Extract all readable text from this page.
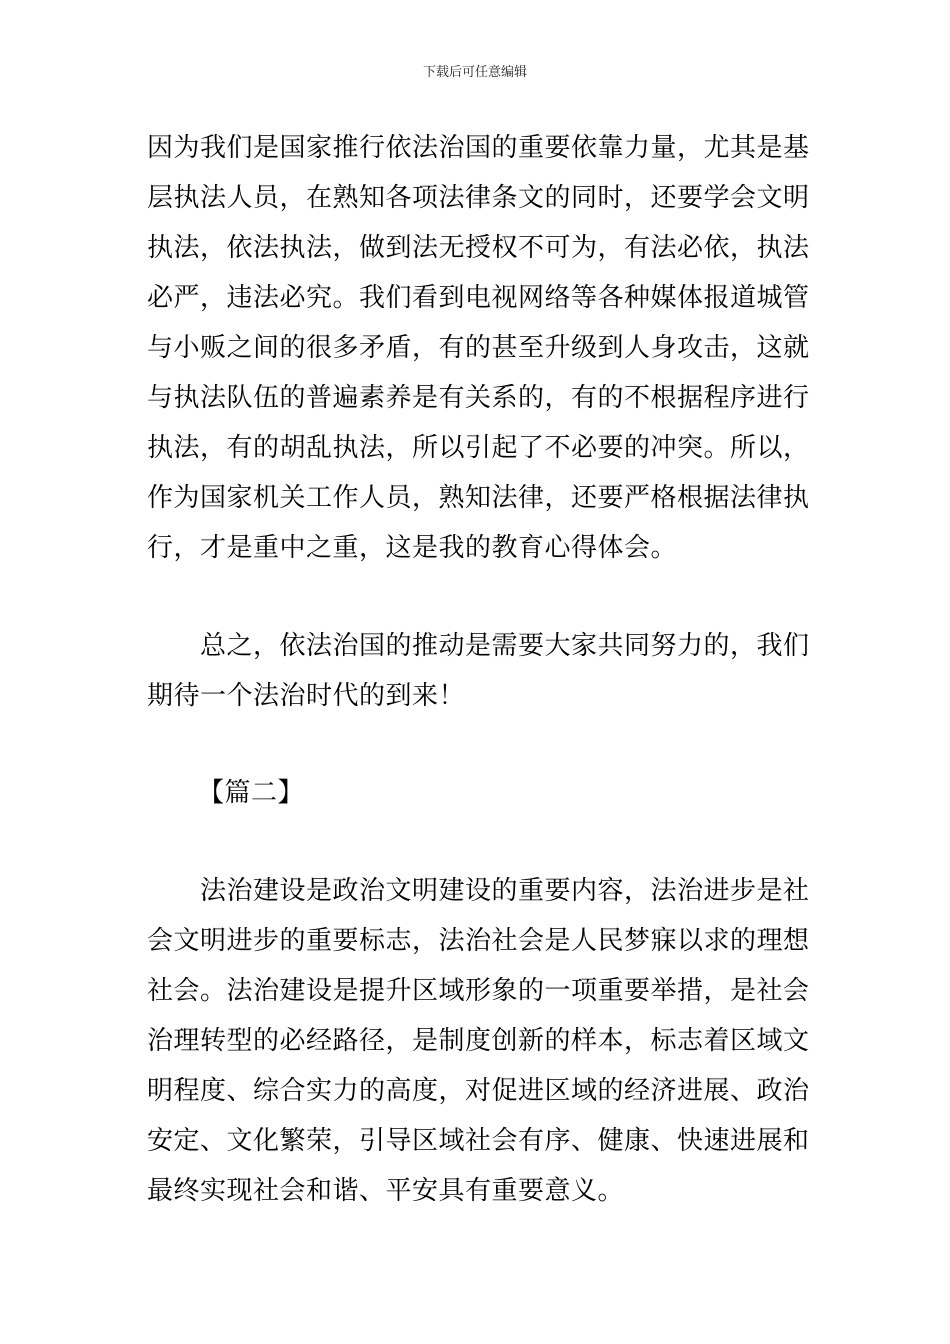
下载后可任意编辑
因为我们是国家推行依法治国的重要依靠力量，尤其是基
层执法人员，在熟知各项法律条文的同时，还要学会文明
执法，依法执法，做到法无授权不可为，有法必依，执法
必严，违法必究。我们看到电视网络等各种媒体报道城管
与小贩之间的很多矛盾，有的甚至升级到人身攻击，这就
与执法队伍的普遍素养是有关系的，有的不根据程序进行
执法，有的胡乱执法，所以引起了不必要的冲突。所以，
作为国家机关工作人员，熟知法律，还要严格根据法律执
行，才是重中之重，这是我的教育心得体会。
总之，依法治国的推动是需要大家共同努力的，我们
期待一个法治时代的到来！
【篇二】
法治建设是政治文明建设的重要内容，法治进步是社
会文明进步的重要标志，法治社会是人民梦寐以求的理想
社会。法治建设是提升区域形象的一项重要举措，是社会
治理转型的必经路径，是制度创新的样本，标志着区域文
明程度、综合实力的高度，对促进区域的经济进展、政治
安定、文化繁荣，引导区域社会有序、健康、快速进展和
最终实现社会和谐、平安具有重要意义。
